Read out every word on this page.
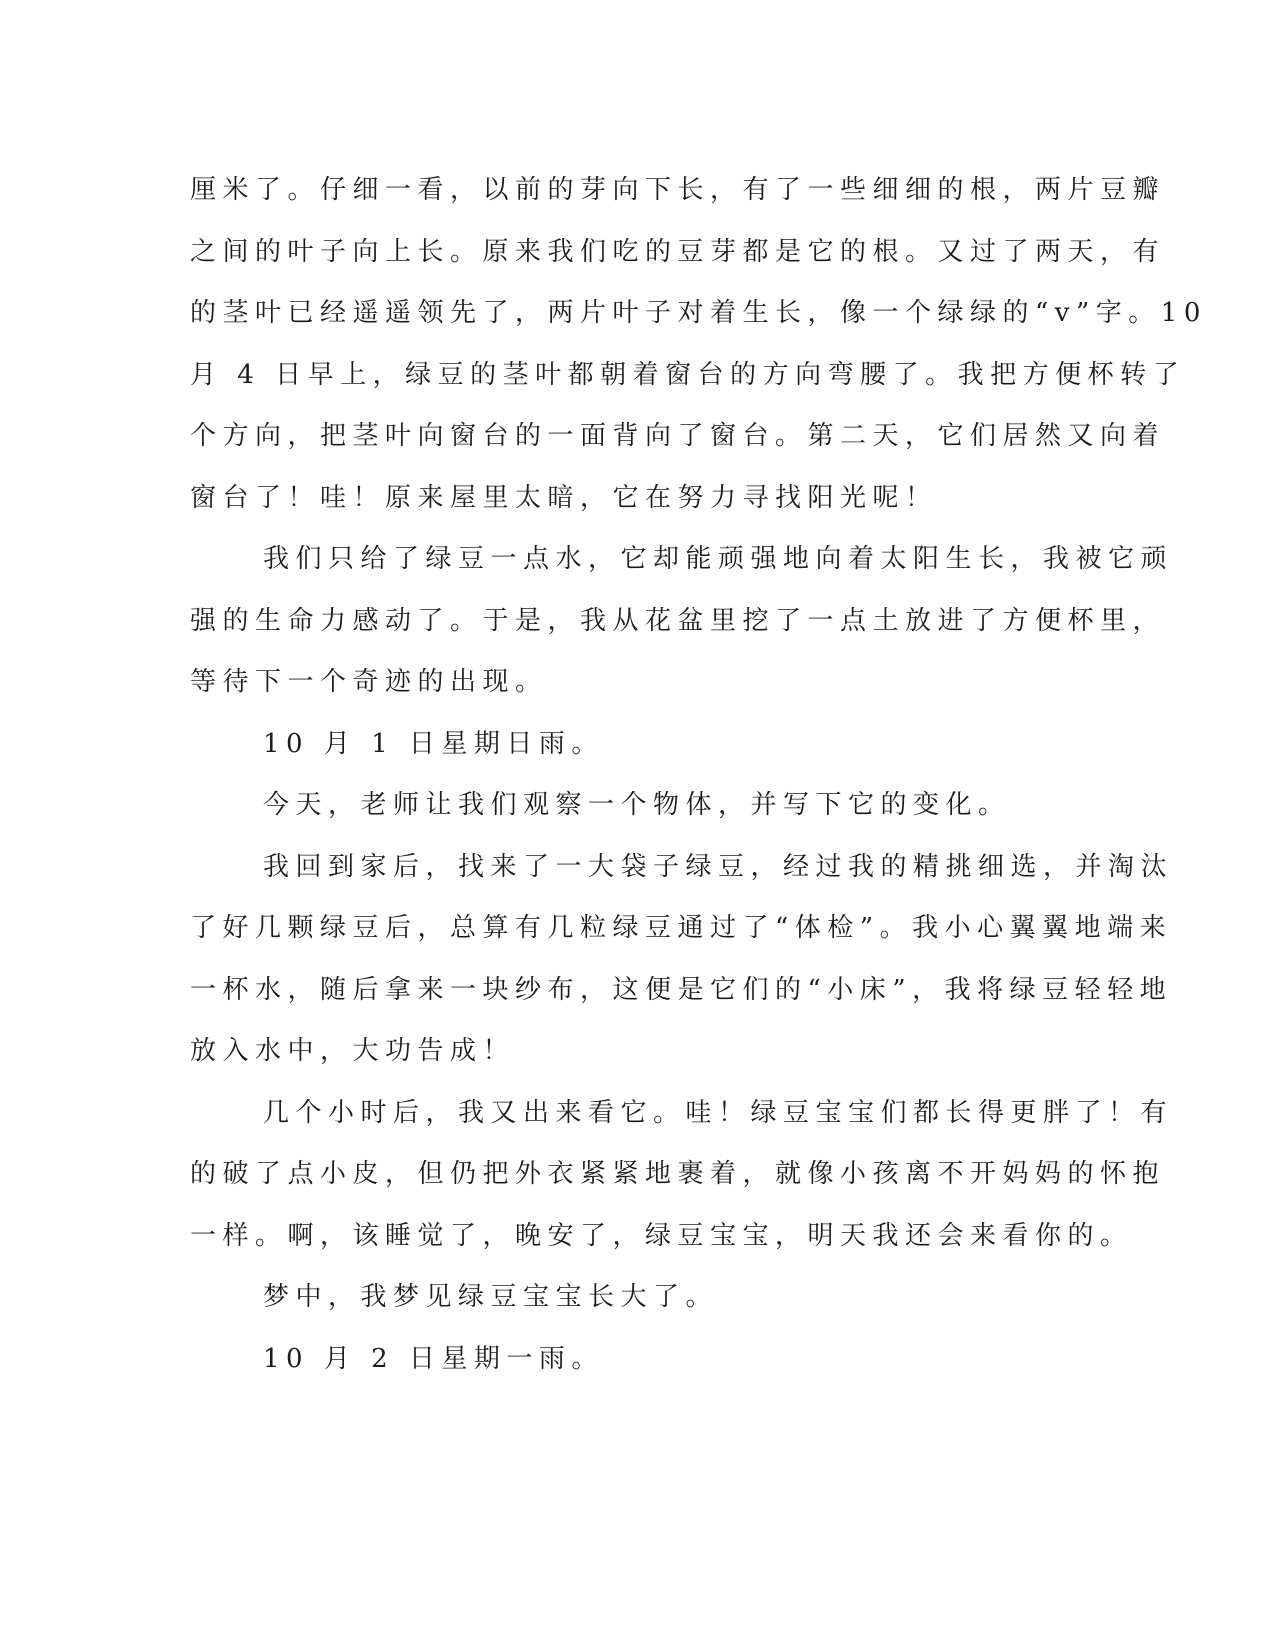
厘米了。仔细一看，以前的芽向下长，有了一些细细的根，两片豆瓣
之间的叶子向上长。原来我们吃的豆芽都是它的根。又过了两天，有
的茎叶已经遥遥领先了，两片叶子对着生长，像一个绿绿的“v”字。10
月 4 日早上，绿豆的茎叶都朝着窗台的方向弯腰了。我把方便杯转了
个方向，把茎叶向窗台的一面背向了窗台。第二天，它们居然又向着
窗台了！哇！原来屋里太暗，它在努力寻找阳光呢！
我们只给了绿豆一点水，它却能顽强地向着太阳生长，我被它顽
强的生命力感动了。于是，我从花盆里挖了一点土放进了方便杯里，
等待下一个奇迹的出现。
10 月 1 日星期日雨。
今天，老师让我们观察一个物体，并写下它的变化。
我回到家后，找来了一大袋子绿豆，经过我的精挑细选，并淘汰
了好几颗绿豆后，总算有几粒绿豆通过了“体检”。我小心翼翼地端来
一杯水，随后拿来一块纱布，这便是它们的“小床”，我将绿豆轻轻地
放入水中，大功告成！
几个小时后，我又出来看它。哇！绿豆宝宝们都长得更胖了！有
的破了点小皮，但仍把外衣紧紧地裹着，就像小孩离不开妈妈的怀抱
一样。啊，该睡觉了，晚安了，绿豆宝宝，明天我还会来看你的。
梦中，我梦见绿豆宝宝长大了。
10 月 2 日星期一雨。
